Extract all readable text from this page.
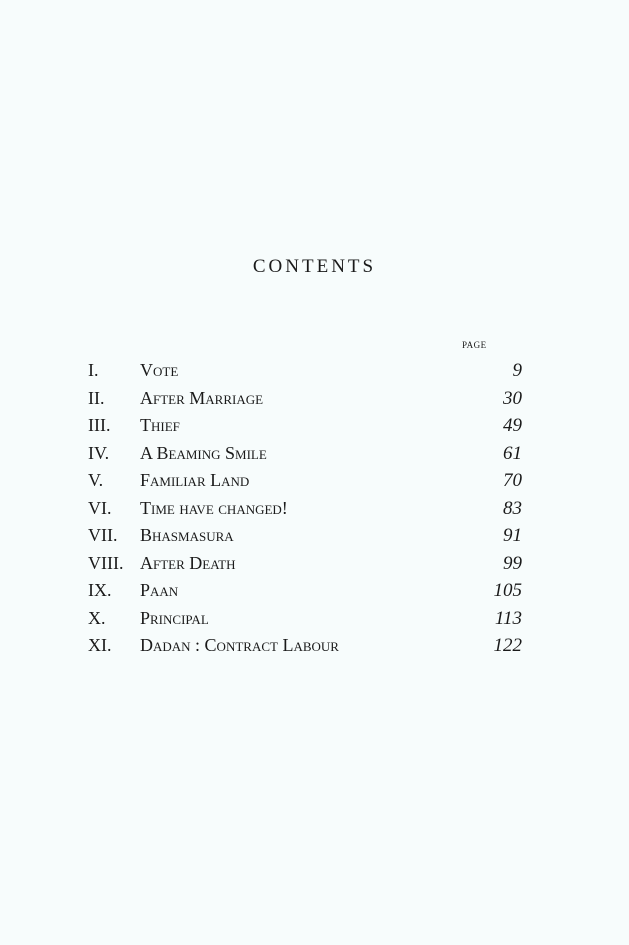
contents
page
I. Vote	9
II. After Marriage	30
III. Thief	49
IV. A Beaming Smile	61
V. Familiar Land	70
VI. Time have changed!	83
VII. Bhasmasura	91
VIII. After Death	99
IX. Paan	105
X. Principal	113
XI. Dadan : Contract Labour	122
